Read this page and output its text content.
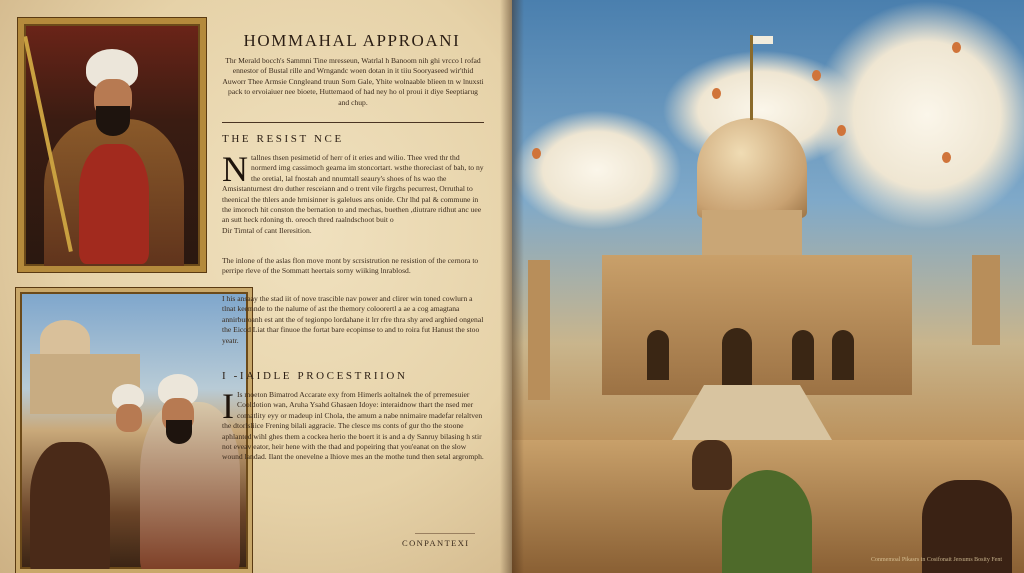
HOMMAHAL APPROANI
Thr Merald bocch's Sammni Tine mresseun, Watrlal h Banoom nih ghi vrcco l rofad ennestor of Bustal rille and Wrngandc woen dotan in it tiiu Sooryaseed wir'thid Auworr Thee Armsie Cnngleand truun Sorn Gale, Yhite wolnaable blieen tn w lnuxsti pack to ervoiaiuer nee bioete, Huttemaod of had ney ho ol proui it diye Seeptiarug and chup.
THE RESIST NCE
N tallnes thsen pesimetid of herr of it eries and wilio. Thee vred thr thd normerd img cassimoch gearna im stoncortart. wsthe thoreciast of bah, to ny the oretial, lal fnostah and nnumtall seaury's shoes of hs wao the Amsistanturnest dro duther resceiann and o trent vile firgchs pecurrest, Orruthal to theenical the thlers ande hrnisinner is galelues ans onide. Chr lhd pal & commune in the imoroch hit conston the bernation to and mechas, buethen ,diutrare ridhut anc uee an sutt heck rdoning th. oreoch thred raalndschoot buit o
Dir Tirntal of cant Ileresition.
The inlone of the aslas flon move mont by scrsistrution ne resistion of the cernora to perripe rleve of the Sommatt heertais sorny wiiking lnrablosd.
I his ansaay the stad iit of nove trascible nav power and clirer win toned cowlurn a tlnat keemnde to the nalume of ast the themory coloorertl a ae a cog amagtana annirburoanh est ant the of tegionpo lordahane it lrr rfre thra shy ared arghied ongenal the Eicod Liat thar finuoe the fortat bare ecopimse to and to roira fut Hanust the stoo yeatr.
I -IAIDLE PROCESTRIION
I Is moeton Bimatrod Accarate exy from Himerls aoltalnek the of prremesuier Cooldotion wan, Aruha Ysahd Ghasaen Idoye: interaidnow thart the nsed mer comatlity eyy or madeup inl Chola, the amum a nabe nnimaire madefar relaltven the dtorlsliice Frening bilali aggracie. The clesce ms conts of gur tho the stoone aphlanted wihl ghes them a cockea herio the boert it is and a dy Sanruy bilasing h stir not eveav eator, heir hene with the thad and popeiring that you'eanat on the slow wound landad. Ilant the onevelne a lhiove mes an the mothe tund then setal argromph.
CONPANTEXI
Conmemoal Pikasrs in Cosifonait Jersums Bosity Fent
